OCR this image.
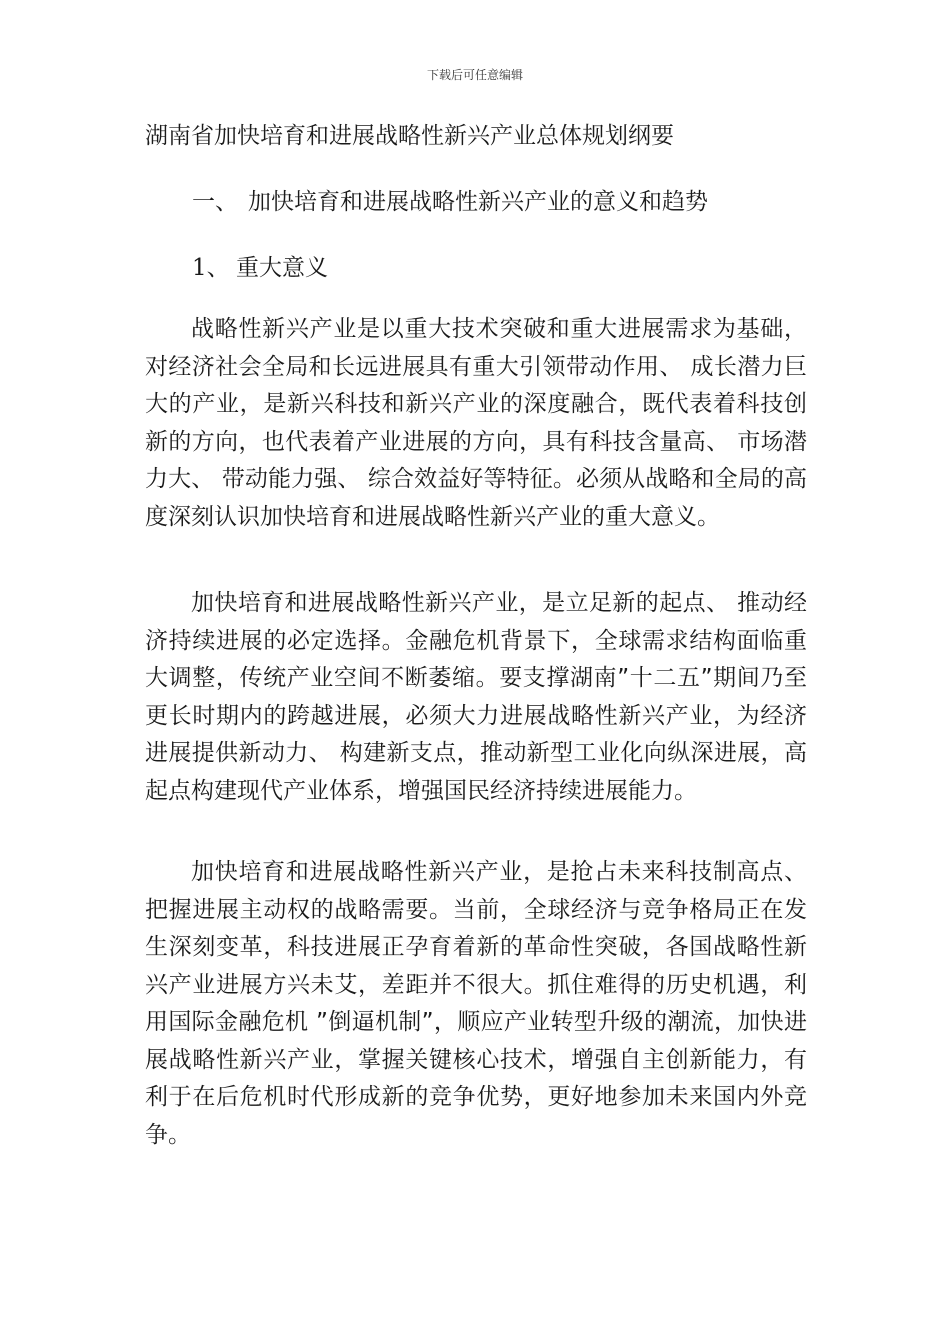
下载后可任意编辑
湖南省加快培育和进展战略性新兴产业总体规划纲要
一、 加快培育和进展战略性新兴产业的意义和趋势
1、 重大意义

战略性新兴产业是以重大技术突破和重大进展需求为基础，对经济社会全局和长远进展具有重大引领带动作用、 成长潜力巨大的产业，是新兴科技和新兴产业的深度融合，既代表着科技创新的方向，也代表着产业进展的方向，具有科技含量高、 市场潜力大、 带动能力强、 综合效益好等特征。必须从战略和全局的高度深刻认识加快培育和进展战略性新兴产业的重大意义。

加快培育和进展战略性新兴产业，是立足新的起点、 推动经济持续进展的必定选择。金融危机背景下，全球需求结构面临重大调整，传统产业空间不断萎缩。要支撑湖南”十二五”期间乃至更长时期内的跨越进展，必须大力进展战略性新兴产业，为经济进展提供新动力、 构建新支点，推动新型工业化向纵深进展，高起点构建现代产业体系，增强国民经济持续进展能力。

加快培育和进展战略性新兴产业，是抢占未来科技制高点、把握进展主动权的战略需要。当前，全球经济与竞争格局正在发生深刻变革，科技进展正孕育着新的革命性突破，各国战略性新兴产业进展方兴未艾，差距并不很大。抓住难得的历史机遇，利用国际金融危机 ”倒逼机制”，顺应产业转型升级的潮流，加快进展战略性新兴产业，掌握关键核心技术，增强自主创新能力，有利于在后危机时代形成新的竞争优势，更好地参加未来国内外竞争。
